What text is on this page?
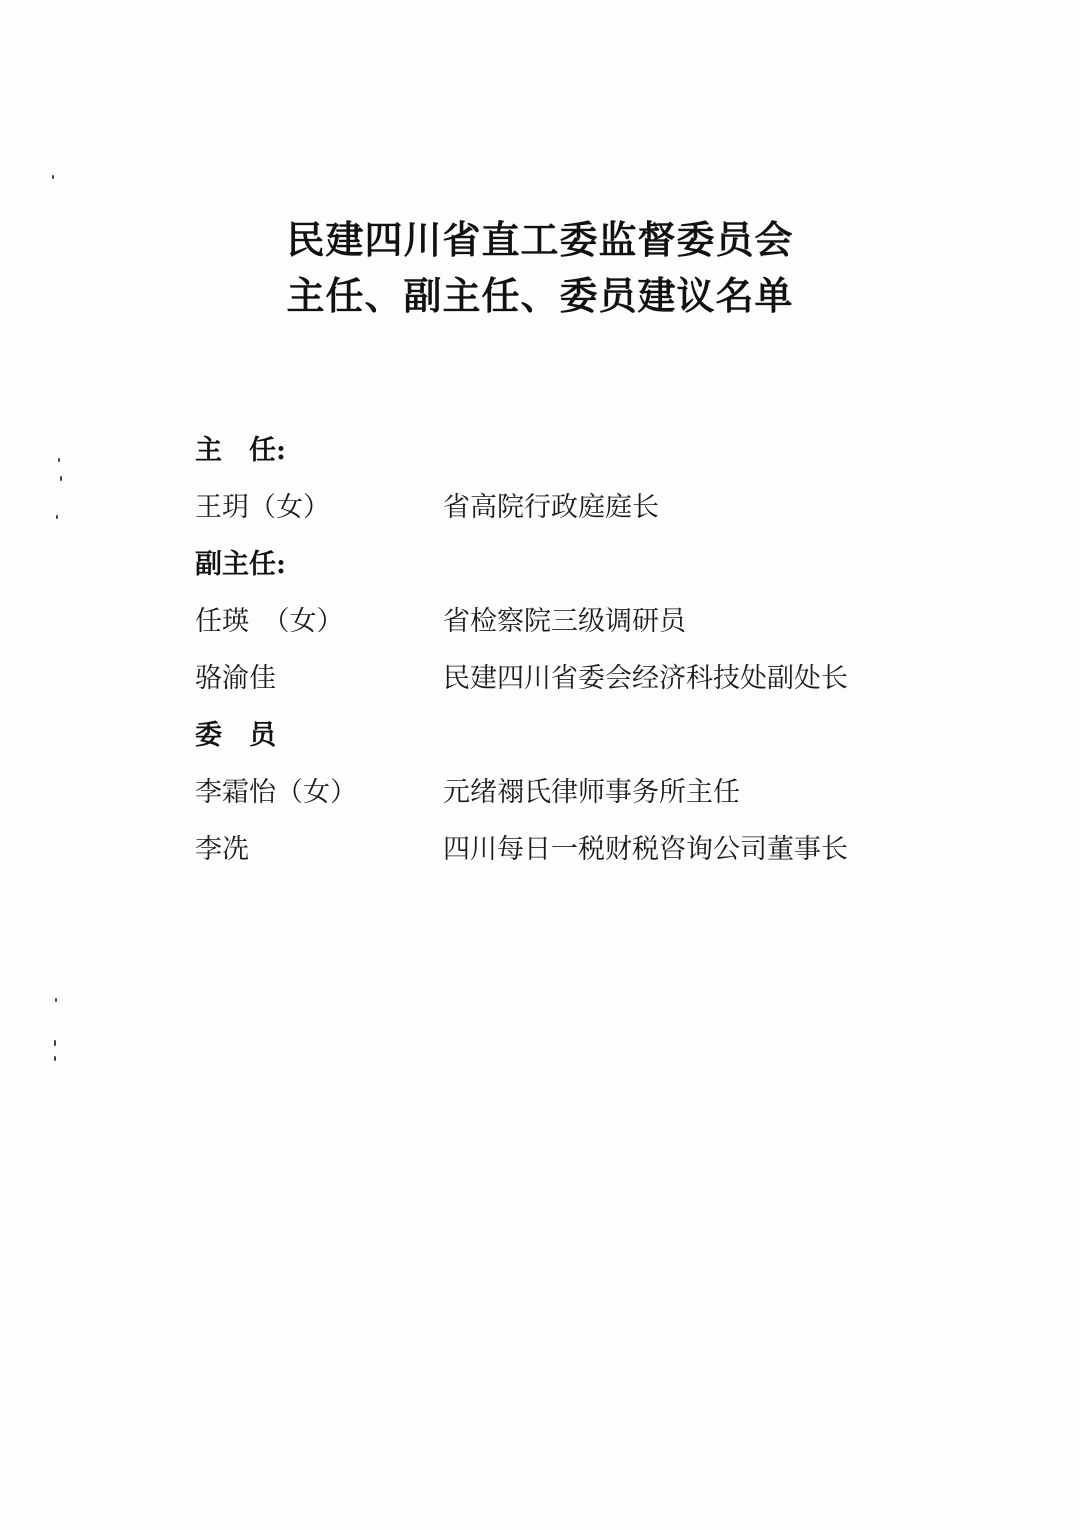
民建四川省直工委监督委员会
主任、副主任、委员建议名单
主　任:
王玥（女）	省高院行政庭庭长
副主任:
任瑛　（女）	省检察院三级调研员
骆渝佳	民建四川省委会经济科技处副处长
委　员
李霜怡（女）	元绪禤氏律师事务所主任
李冼	四川每日一税财税咨询公司董事长
